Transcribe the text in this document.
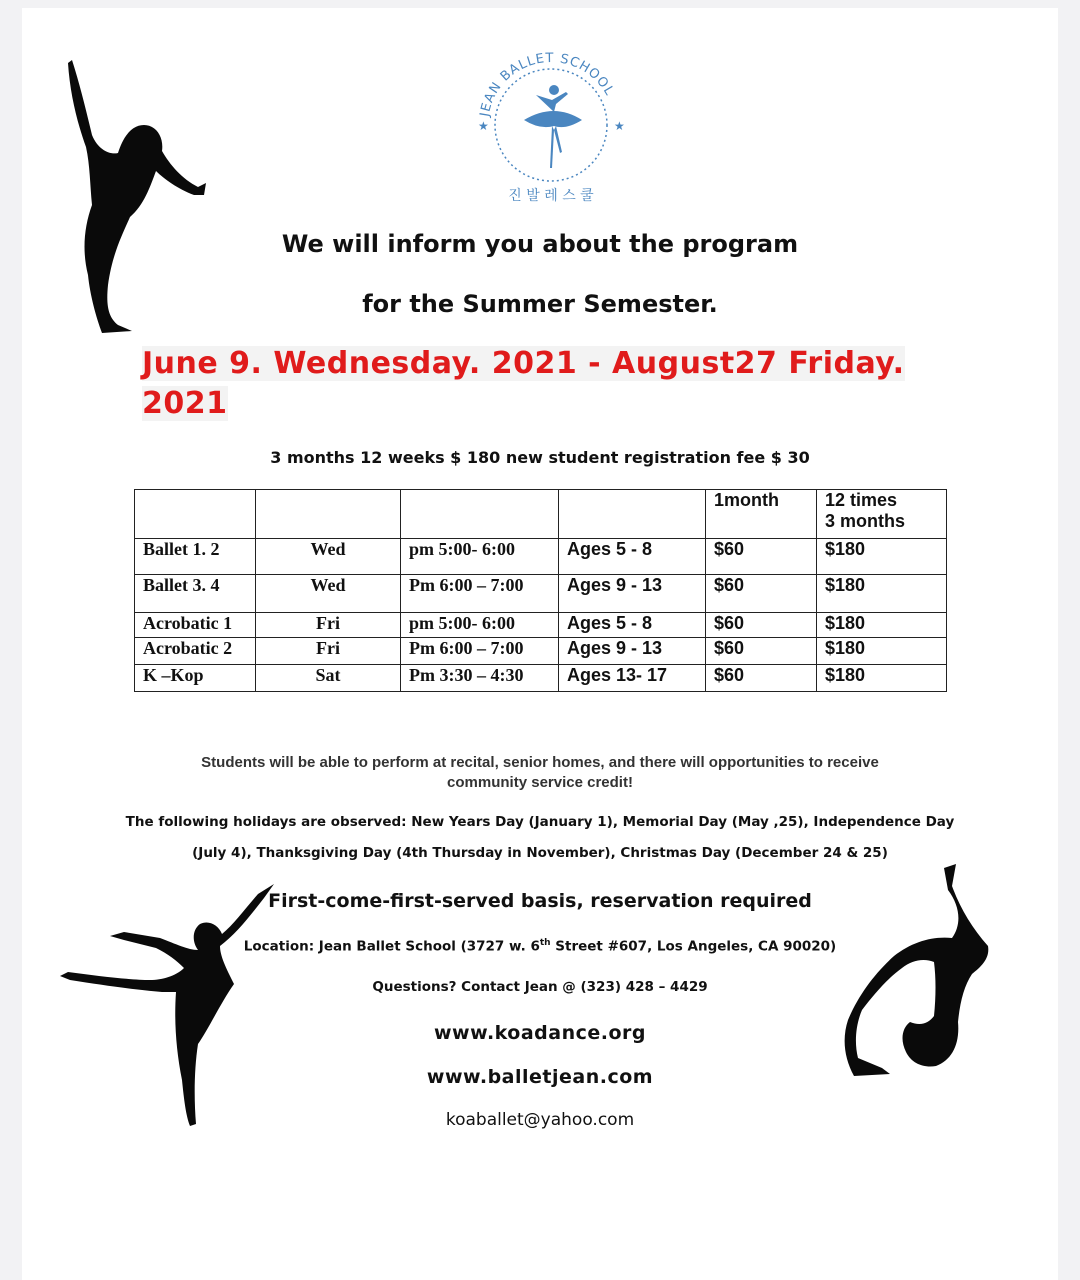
JEAN BALLET SCHOOL
★	★
진 발 레 스 쿨
We will inform you about the program
for the Summer Semester.
June 9. Wednesday. 2021 - August27 Friday.
2021
3 months 12 weeks $ 180 new student registration fee $ 30
				1month	12 times
3 months

Ballet 1. 2	Wed	pm 5:00- 6:00	Ages 5 - 8	$60	$180
Ballet 3. 4	Wed	Pm 6:00 – 7:00	Ages 9 - 13	$60	$180
Acrobatic 1	Fri	pm 5:00- 6:00	Ages 5 - 8	$60	$180
Acrobatic 2	Fri	Pm 6:00 – 7:00	Ages 9 - 13	$60	$180
K –Kop	Sat	Pm 3:30 – 4:30	Ages 13- 17	$60	$180
Students will be able to perform at recital, senior homes, and there will opportunities to receive
community service credit!
The following holidays are observed: New Years Day (January 1), Memorial Day (May ,25), Independence Day
(July 4), Thanksgiving Day (4th Thursday in November), Christmas Day (December 24 & 25)
First-come-first-served basis, reservation required
Location: Jean Ballet School (3727 w. 6th Street #607, Los Angeles, CA 90020)
Questions? Contact Jean @ (323) 428 – 4429
www.koadance.org
www.balletjean.com
koaballet@yahoo.com
